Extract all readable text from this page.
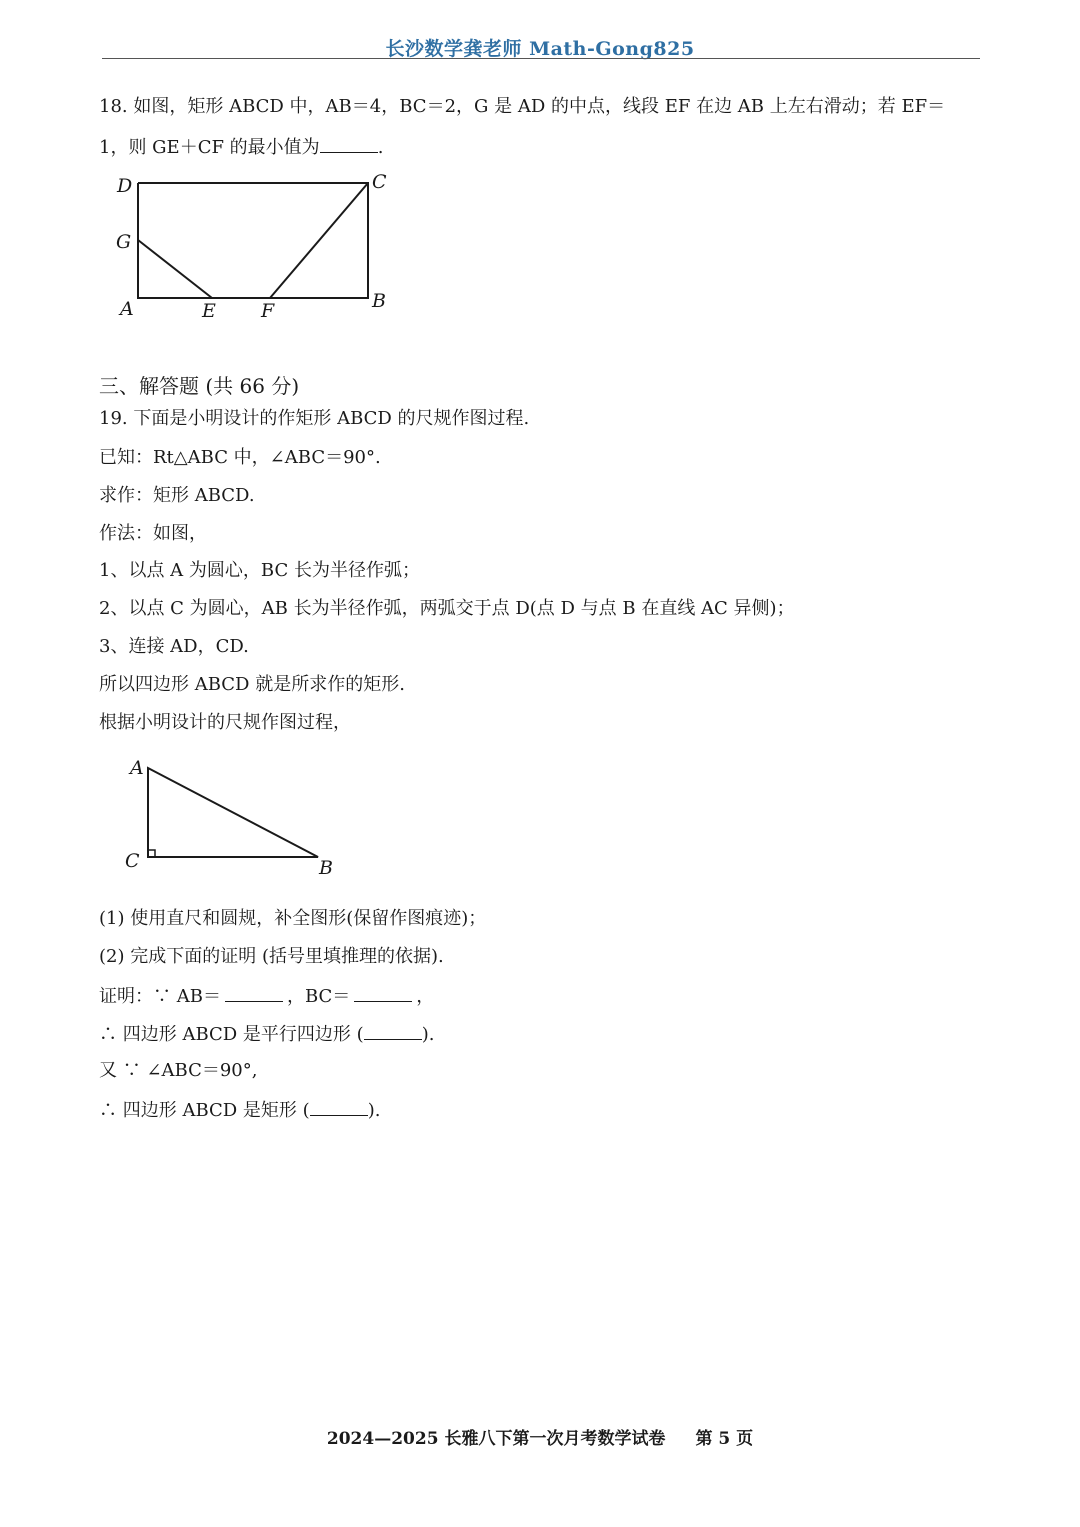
长沙数学龚老师 Math-Gong825
18. 如图，矩形 ABCD 中，AB＝4，BC＝2，G 是 AD 的中点，线段 EF 在边 AB 上左右滑动；若 EF＝
1，则 GE＋CF 的最小值为	.
D	C
G
A	E F	B
三、解答题 (共 66 分)
19. 下面是小明设计的作矩形 ABCD 的尺规作图过程.
已知：Rt△ABC 中，∠ABC＝90°.
求作：矩形 ABCD.
作法：如图，
1、以点 A 为圆心，BC 长为半径作弧；
2、以点 C 为圆心，AB 长为半径作弧，两弧交于点 D(点 D 与点 B 在直线 AC 异侧)；
3、连接 AD，CD.
所以四边形 ABCD 就是所求作的矩形.
根据小明设计的尺规作图过程，
A
C	B
(1) 使用直尺和圆规，补全图形(保留作图痕迹)；
(2) 完成下面的证明 (括号里填推理的依据).
证明：∵ AB＝	，BC＝	，
∴ 四边形 ABCD 是平行四边形 (	).
又 ∵ ∠ABC＝90°,
∴ 四边形 ABCD 是矩形 (	).
2024—2025 长雅八下第一次月考数学试卷 第 5 页
